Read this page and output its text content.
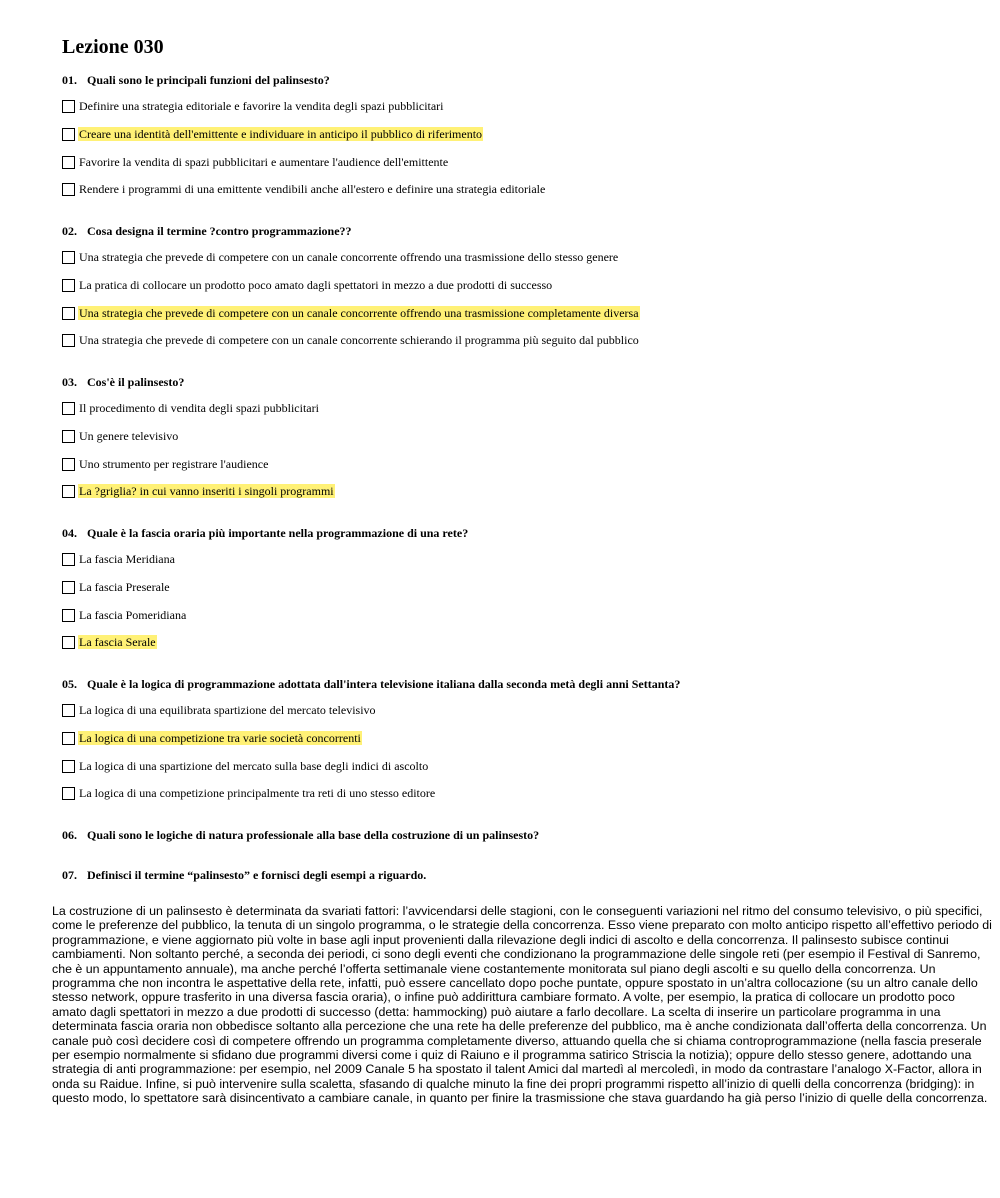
Lezione 030
01. Quali sono le principali funzioni del palinsesto?
Definire una strategia editoriale e favorire la vendita degli spazi pubblicitari
Creare una identità dell'emittente e individuare in anticipo il pubblico di riferimento
Favorire la vendita di spazi pubblicitari e aumentare l'audience dell'emittente
Rendere i programmi di una emittente vendibili anche all'estero e definire una strategia editoriale
02. Cosa designa il termine ?contro programmazione??
Una strategia che prevede di competere con un canale concorrente offrendo una trasmissione dello stesso genere
La pratica di collocare un prodotto poco amato dagli spettatori in mezzo a due prodotti di successo
Una strategia che prevede di competere con un canale concorrente offrendo una trasmissione completamente diversa
Una strategia che prevede di competere con un canale concorrente schierando il programma più seguito dal pubblico
03. Cos'è il palinsesto?
Il procedimento di vendita degli spazi pubblicitari
Un genere televisivo
Uno strumento per registrare l'audience
La ?griglia? in cui vanno inseriti i singoli programmi
04. Quale è la fascia oraria più importante nella programmazione di una rete?
La fascia Meridiana
La fascia Preserale
La fascia Pomeridiana
La fascia Serale
05. Quale è la logica di programmazione adottata dall'intera televisione italiana dalla seconda metà degli anni Settanta?
La logica di una equilibrata spartizione del mercato televisivo
La logica di una competizione tra varie società concorrenti
La logica di una spartizione del mercato sulla base degli indici di ascolto
La logica di una competizione principalmente tra reti di uno stesso editore
06. Quali sono le logiche di natura professionale alla base della costruzione di un palinsesto?
07. Definisci il termine “palinsesto” e fornisci degli esempi a riguardo.

La costruzione di un palinsesto è determinata da svariati fattori: l’avvicendarsi delle stagioni, con le conseguenti variazioni nel ritmo del consumo televisivo, o più specifici, come le preferenze del pubblico, la tenuta di un singolo programma, o le strategie della concorrenza. Esso viene preparato con molto anticipo rispetto all’effettivo periodo di programmazione, e viene aggiornato più volte in base agli input provenienti dalla rilevazione degli indici di ascolto e della concorrenza. Il palinsesto subisce continui cambiamenti. Non soltanto perché, a seconda dei periodi, ci sono degli eventi che condizionano la programmazione delle singole reti (per esempio il Festival di Sanremo, che è un appuntamento annuale), ma anche perché l’offerta settimanale viene costantemente monitorata sul piano degli ascolti e su quello della concorrenza. Un programma che non incontra le aspettative della rete, infatti, può essere cancellato dopo poche puntate, oppure spostato in un’altra collocazione (su un altro canale dello stesso network, oppure trasferito in una diversa fascia oraria), o infine può addirittura cambiare formato. A volte, per esempio, la pratica di collocare un prodotto poco amato dagli spettatori in mezzo a due prodotti di successo (detta: hammocking) può aiutare a farlo decollare. La scelta di inserire un particolare programma in una determinata fascia oraria non obbedisce soltanto alla percezione che una rete ha delle preferenze del pubblico, ma è anche condizionata dall’offerta della concorrenza. Un canale può così decidere così di competere offrendo un programma completamente diverso, attuando quella che si chiama controprogrammazione (nella fascia preserale per esempio normalmente si sfidano due programmi diversi come i quiz di Raiuno e il programma satirico Striscia la notizia); oppure dello stesso genere, adottando una strategia di anti programmazione: per esempio, nel 2009 Canale 5 ha spostato il talent Amici dal martedì al mercoledì, in modo da contrastare l’analogo X-Factor, allora in onda su Raidue. Infine, si può intervenire sulla scaletta, sfasando di qualche minuto la fine dei propri programmi rispetto all’inizio di quelli della concorrenza (bridging): in questo modo, lo spettatore sarà disincentivato a cambiare canale, in quanto per finire la trasmissione che stava guardando ha già perso l’inizio di quelle della concorrenza.
